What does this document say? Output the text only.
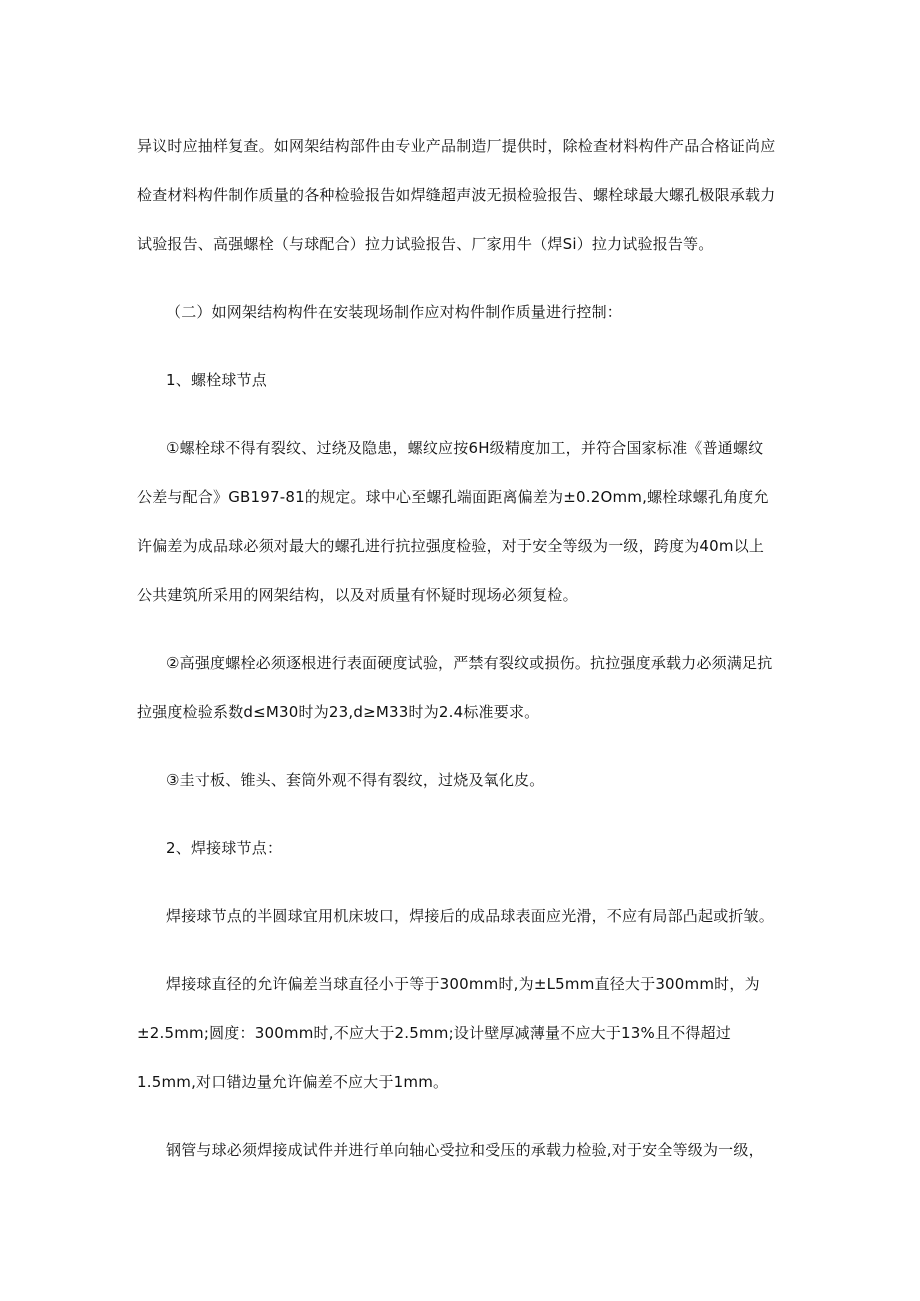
异议时应抽样复查。如网架结构部件由专业产品制造厂提供时，除检查材料构件产品合格证尚应
检查材料构件制作质量的各种检验报告如焊缝超声波无损检验报告、螺栓球最大螺孔极限承载力
试验报告、高强螺栓（与球配合）拉力试验报告、厂家用牛（焊Si）拉力试验报告等。
（二）如网架结构构件在安装现场制作应对构件制作质量进行控制：
1、螺栓球节点
①螺栓球不得有裂纹、过绕及隐患，螺纹应按6H级精度加工，并符合国家标准《普通螺纹
公差与配合》GB197-81的规定。球中心至螺孔端面距离偏差为±0.2Omm,螺栓球螺孔角度允
许偏差为成品球必须对最大的螺孔进行抗拉强度检验，对于安全等级为一级，跨度为40m以上
公共建筑所采用的网架结构，以及对质量有怀疑时现场必须复检。
②高强度螺栓必须逐根进行表面硬度试验，严禁有裂纹或损伤。抗拉强度承载力必须满足抗
拉强度检验系数d≤M30时为23,d≥M33时为2.4标准要求。
③圭寸板、锥头、套筒外观不得有裂纹，过烧及氧化皮。
2、焊接球节点：
焊接球节点的半圆球宜用机床坡口，焊接后的成品球表面应光滑，不应有局部凸起或折皱。
焊接球直径的允许偏差当球直径小于等于300mm时,为±L5mm直径大于300mm时，为
±2.5mm;圆度：300mm时,不应大于2.5mm;设计壁厚减薄量不应大于13%且不得超过
1.5mm,对口错边量允许偏差不应大于1mm。
钢管与球必须焊接成试件并进行单向轴心受拉和受压的承载力检验,对于安全等级为一级，
